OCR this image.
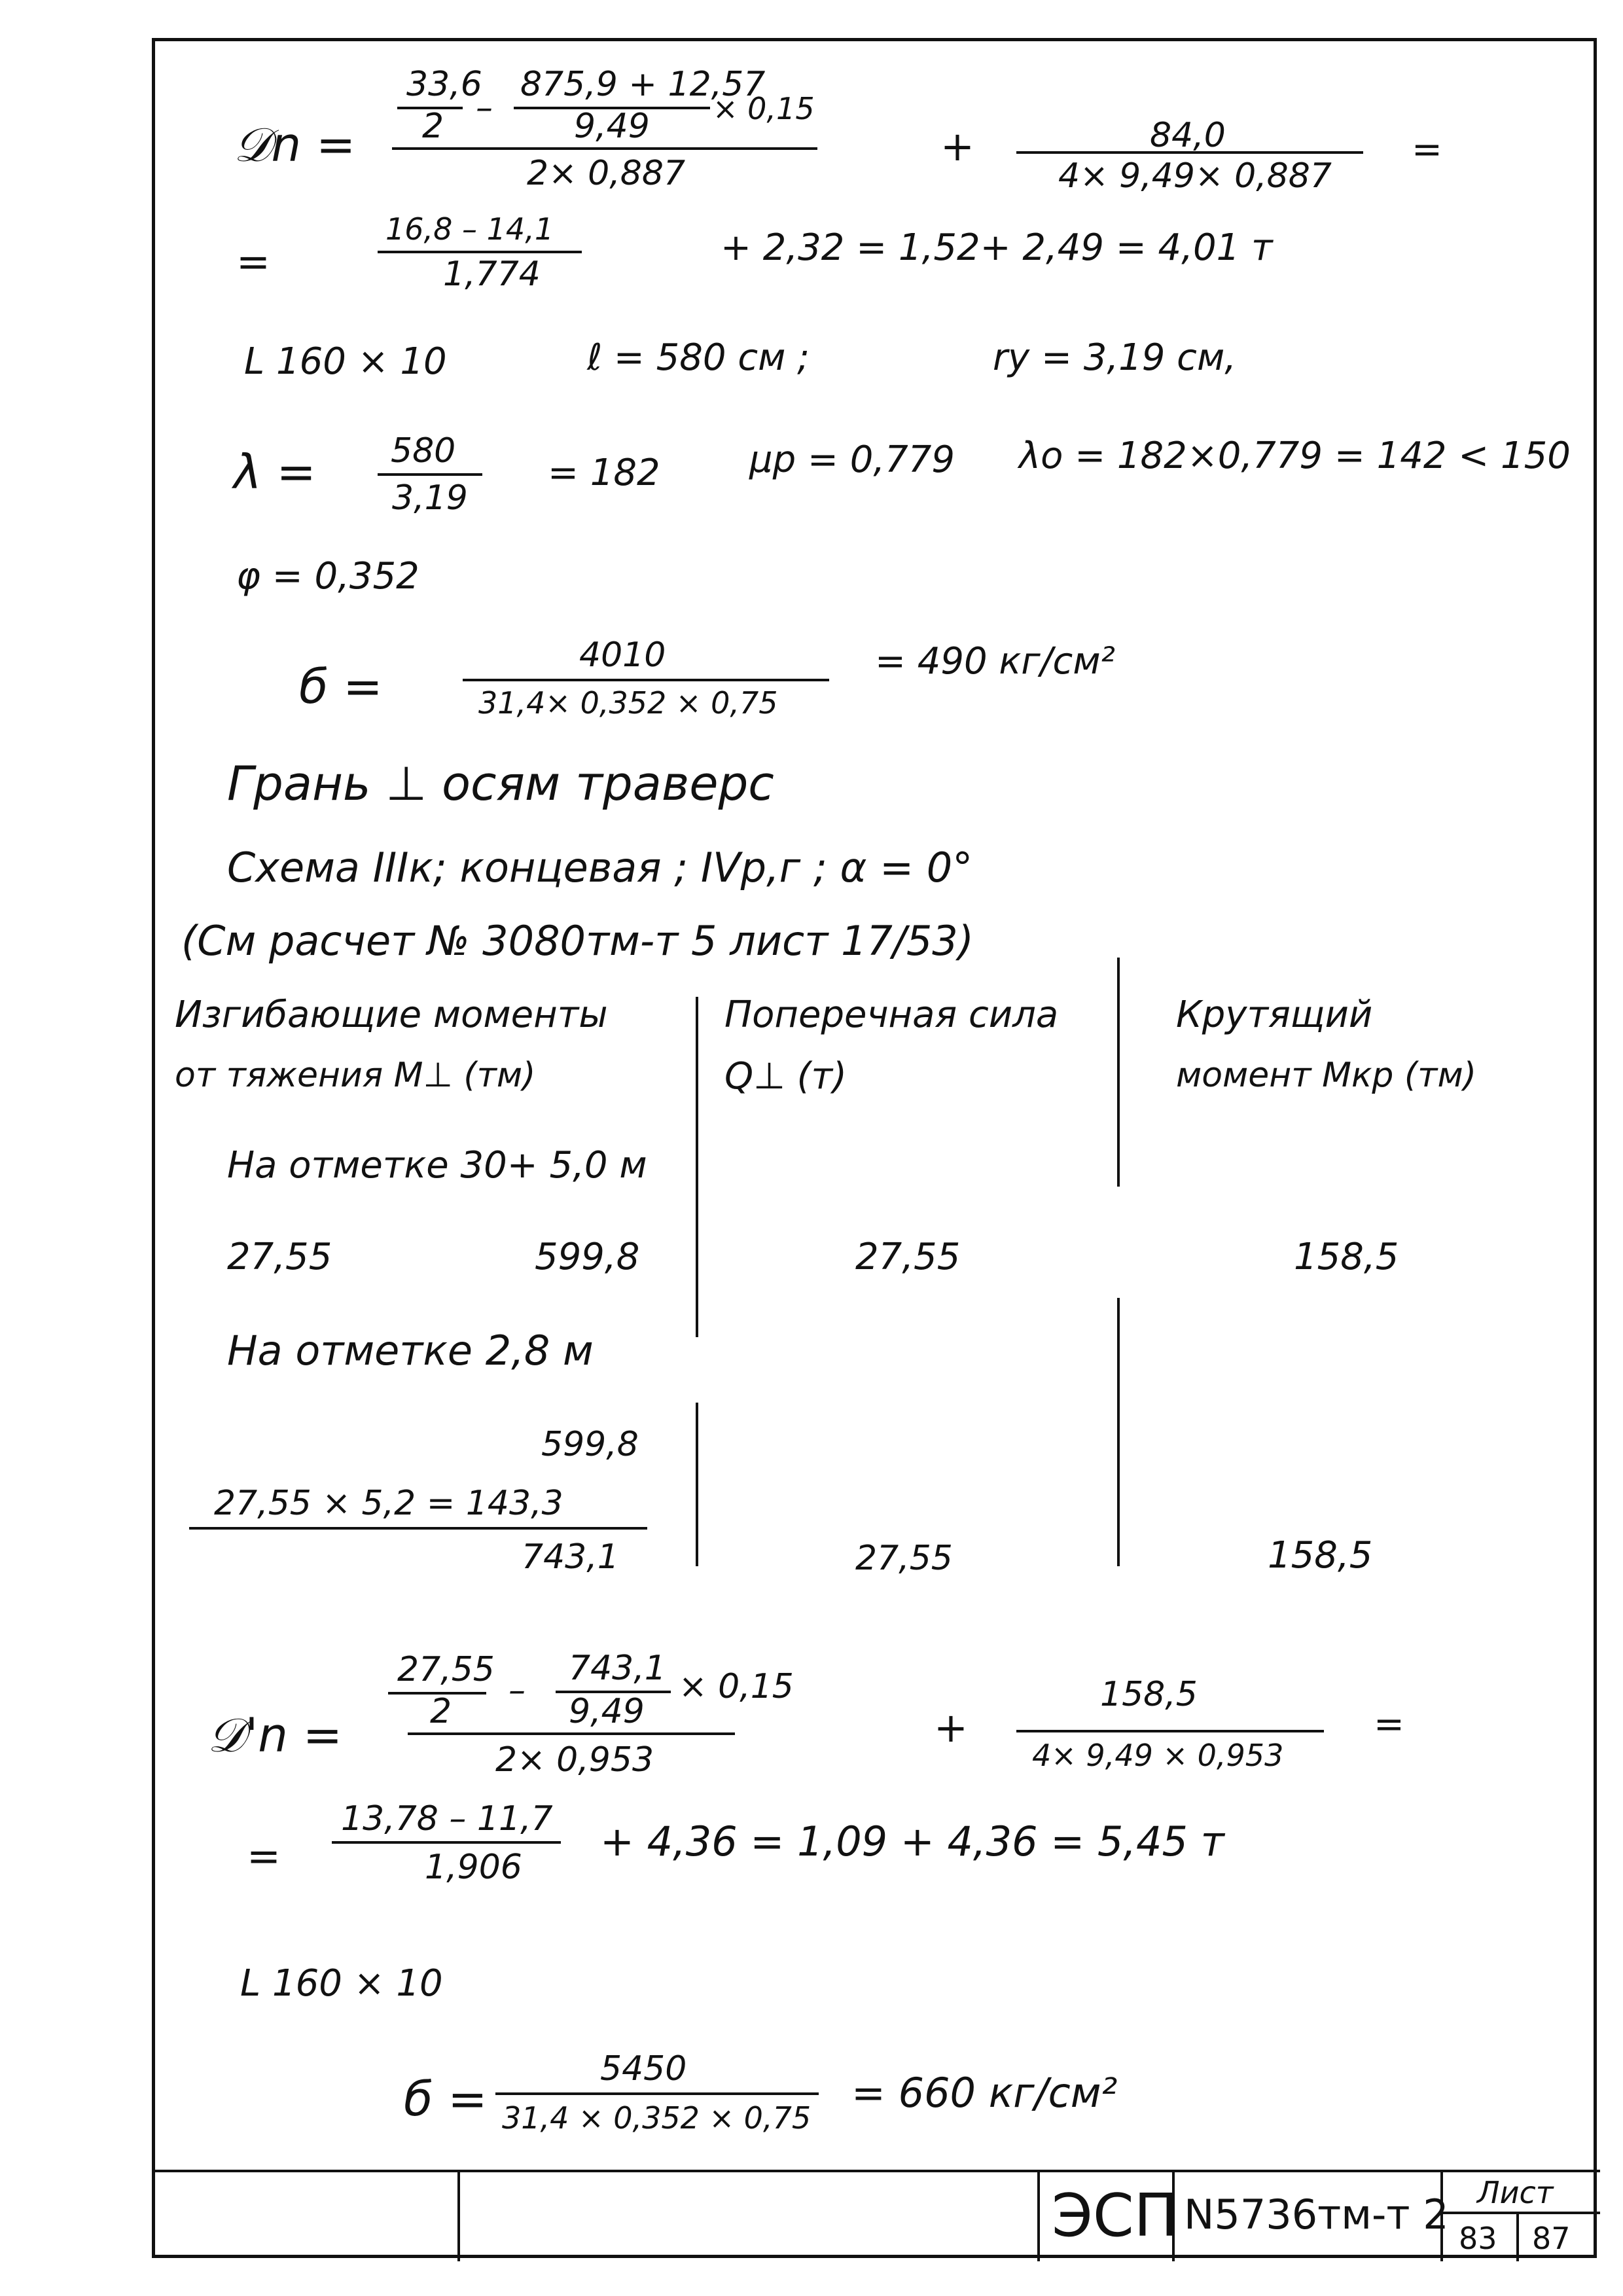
𝒟n =
33,6
2 –
875,9 + 12,57
9,49 × 0,15
2× 0,887
+	84,0
4× 9,49× 0,887
=
=
16,8 – 14,1
1,774
+ 2,32 = 1,52+ 2,49 = 4,01 т
L 160 × 10	ℓ = 580 см ;	ry = 3,19 см,
λ = 580
3,19
= 182 μp = 0,779 λo = 182×0,779 = 142 < 150
φ = 0,352
б =
4010
31,4× 0,352 × 0,75
= 490 кг/см²
Грань ⊥ осям траверс
Схема IIIк; концевая ; IVр,г ; α = 0°
(См расчет № 3080тм-т 5 лист 17/53)
Изгибающие моменты
от тяжения M⊥ (тм)
Поперечная сила
Q⊥ (т)
Крутящий
момент Мкр (тм)
На отметке 30+ 5,0 м
27,55	599,8	27,55	158,5
На отметке 2,8 м
599,8
27,55 × 5,2 = 143,3
743,1	27,55	158,5
𝒟'n =
27,55
2
–
743,1
9,49
× 0,15
2× 0,953
+
158,5
4× 9,49 × 0,953
=
=
13,78 – 11,7
1,906
+ 4,36 = 1,09 + 4,36 = 5,45 т
L 160 × 10
б =
5450
31,4 × 0,352 × 0,75
= 660 кг/см²
ЭСП N5736тм-т 2 Лист
83 87
